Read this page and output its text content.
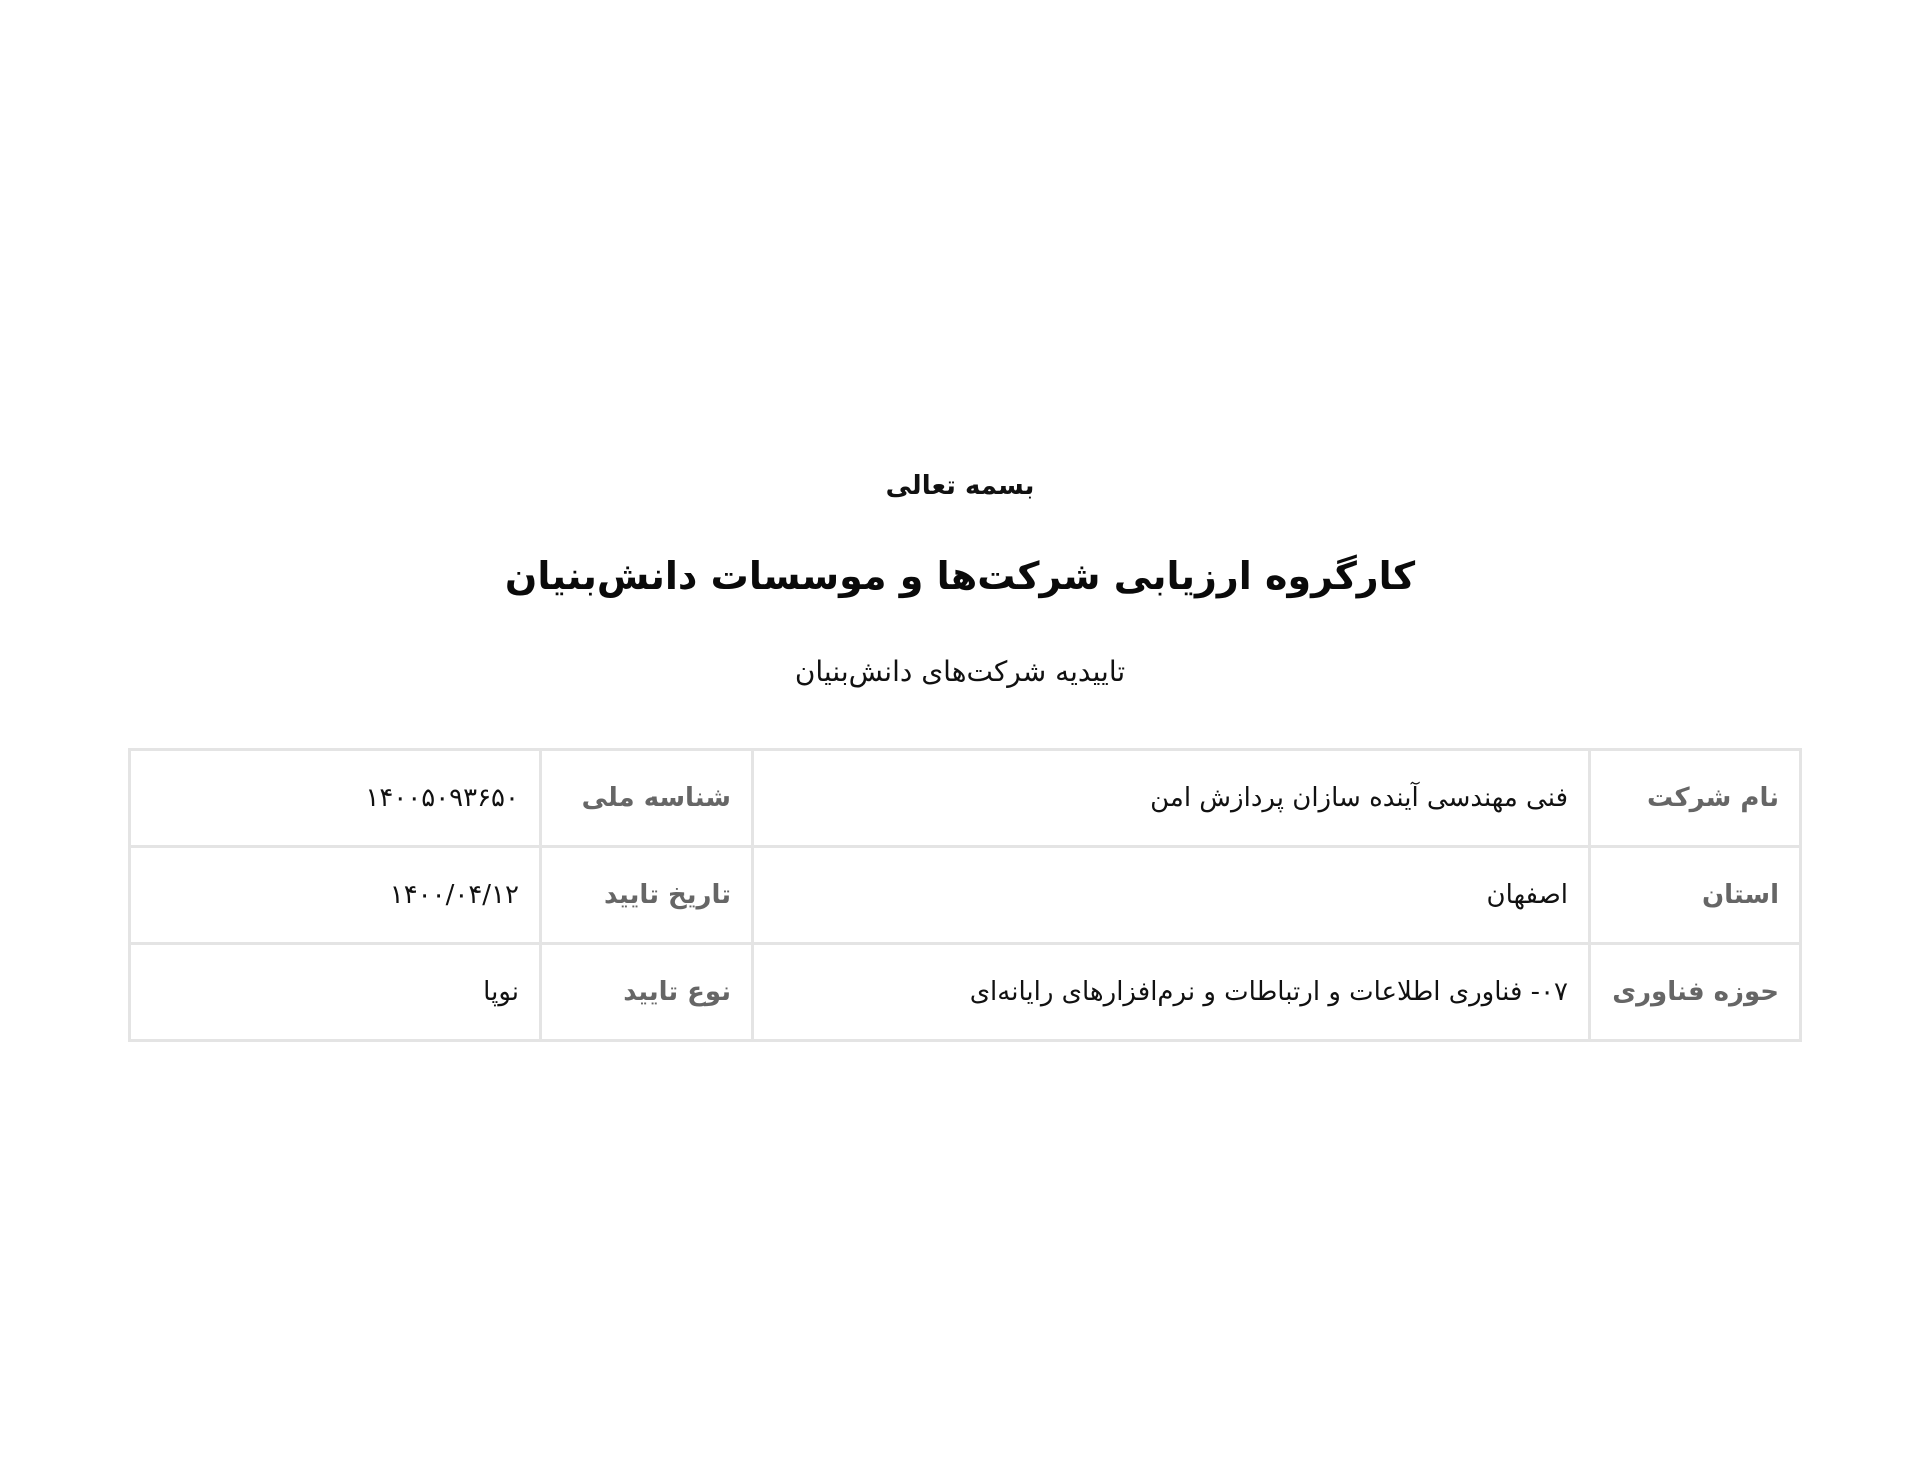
بسمه تعالی
کارگروه ارزیابی شرکت‌ها و موسسات دانش‌بنیان
تاییدیه شرکت‌های دانش‌بنیان
نام شرکت	فنی مهندسی آینده سازان پردازش امن	شناسه ملی	۱۴۰۰۵۰۹۳۶۵۰
استان	اصفهان	تاریخ تایید	۱۴۰۰/۰۴/۱۲
حوزه فناوری	۰۷- فناوری اطلاعات و ارتباطات و نرم‌افزارهای رایانه‌ای	نوع تایید	نوپا
